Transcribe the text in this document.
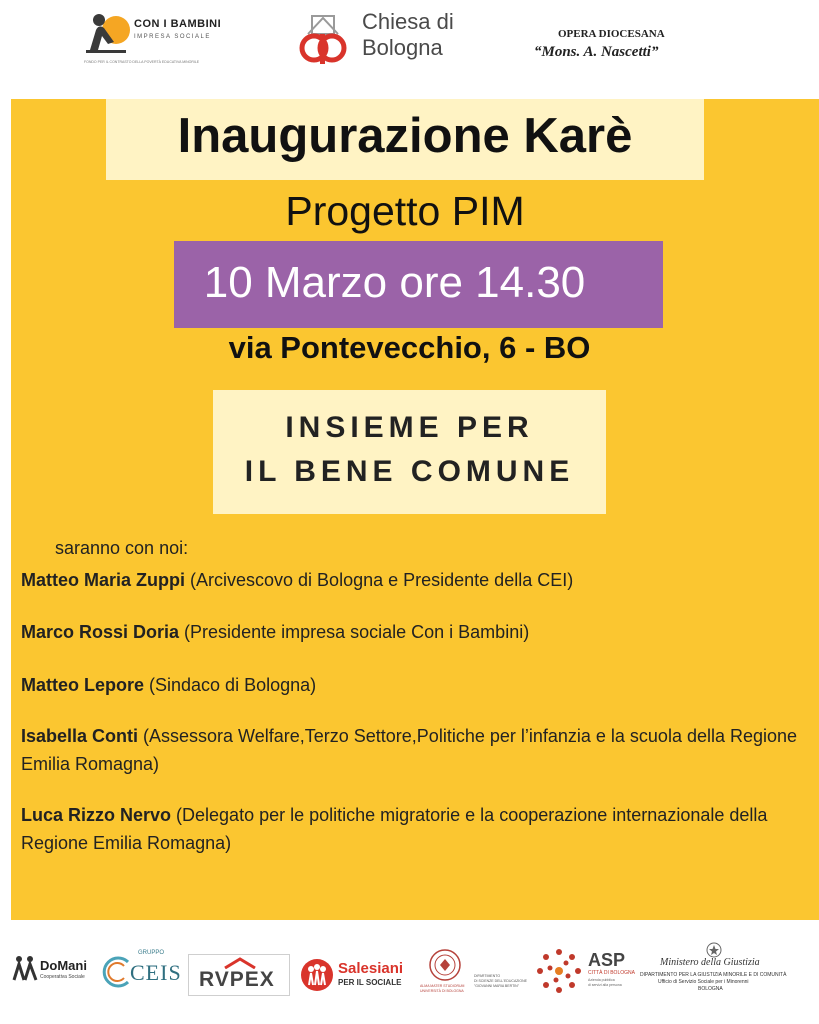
CON I BAMBINI
IMPRESA SOCIALE
FONDO PER IL CONTRASTO DELLA POVERTÀ EDUCATIVA MINORILE
Chiesa di
Bologna
OPERA DIOCESANA
“Mons. A. Nascetti”
Inaugurazione Karè
Progetto PIM
10 Marzo ore 14.30
via Pontevecchio, 6 - BO
INSIEME PER
IL BENE COMUNE
saranno con noi:
Matteo Maria Zuppi (Arcivescovo di Bologna e Presidente della CEI)
Marco Rossi Doria (Presidente impresa sociale Con i Bambini)
Matteo Lepore (Sindaco di Bologna)
Isabella Conti (Assessora Welfare,Terzo Settore,Politiche per l’infanzia e la scuola della Regione Emilia Romagna)
Luca Rizzo Nervo (Delegato per le politiche migratorie e la cooperazione internazionale della Regione Emilia Romagna)
DoMani
Cooperativa Sociale
GRUPPO
CEIS RVPEX	Salesiani
PER IL SOCIALE	ALMA MATER STUDIORUM
UNIVERSITÀ DI BOLOGNA
DIPARTIMENTO
DI SCIENZE DELL'EDUCAZIONE
"GIOVANNI MARIA BERTIN"
ASP
CITTÀ DI BOLOGNA
Azienda pubblica
di servizi alla persona
Ministero della Giustizia
DIPARTIMENTO PER LA GIUSTIZIA MINORILE E DI COMUNITÀ
Ufficio di Servizio Sociale per i Minorenni
BOLOGNA
